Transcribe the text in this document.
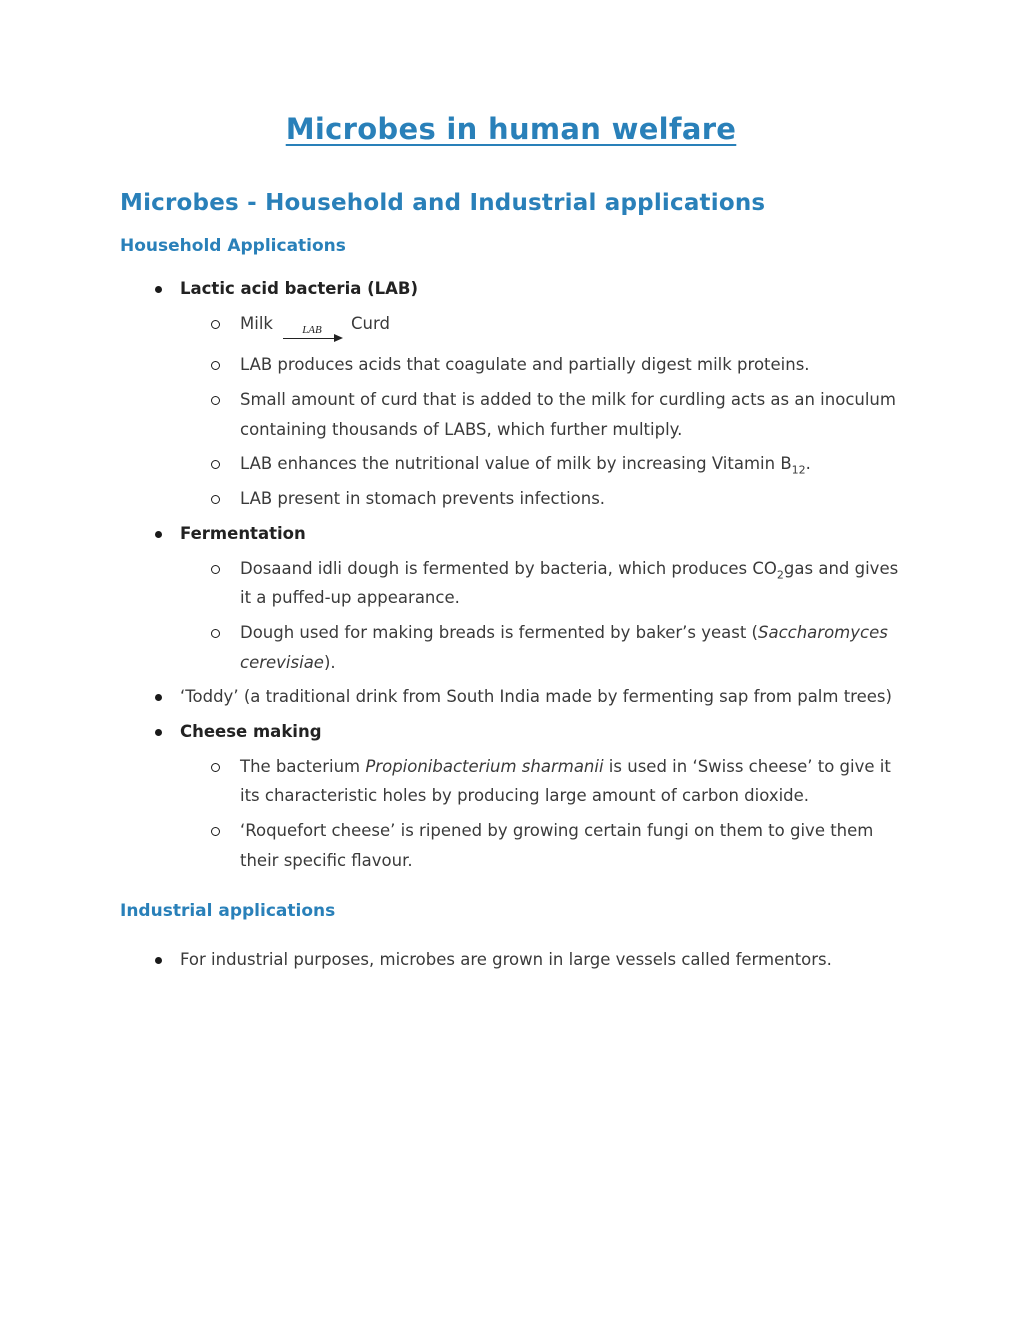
Microbes in human welfare
Microbes - Household and Industrial applications
Household Applications
Lactic acid bacteria (LAB)
Milk	LAB Curd
LAB produces acids that coagulate and partially digest milk proteins.
Small amount of curd that is added to the milk for curdling acts as an inoculum containing thousands of LABS, which further multiply.
LAB enhances the nutritional value of milk by increasing Vitamin $B_{12}$.
LAB present in stomach prevents infections.
Fermentation
Dosaand idli dough is fermented by bacteria, which produces $CO_2gas$ and gives it a puffed-up appearance.
Dough used for making breads is fermented by baker’s yeast (Saccharomyces cerevisiae).
‘Toddy’ (a traditional drink from South India made by fermenting sap from palm trees)
Cheese making
The bacterium Propionibacterium sharmanii is used in ‘Swiss cheese’ to give it its characteristic holes by producing large amount of carbon dioxide.
‘Roquefort cheese’ is ripened by growing certain fungi on them to give them their specific flavour.
Industrial applications
For industrial purposes, microbes are grown in large vessels called fermentors.
